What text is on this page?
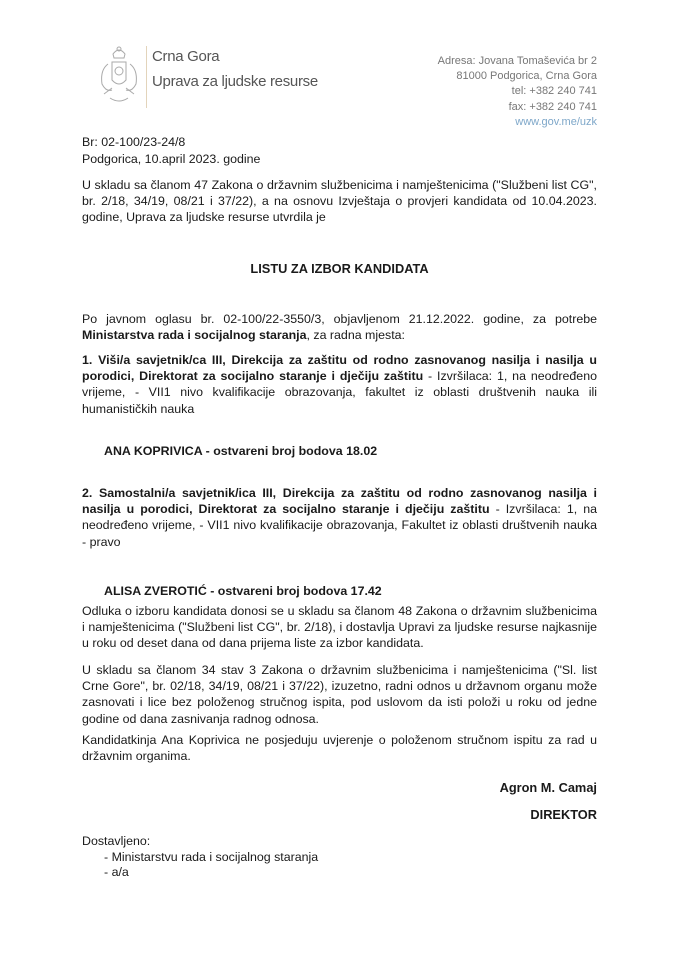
Crna Gora
Uprava za ljudske resurse
Adresa: Jovana Tomaševića br 2
81000 Podgorica, Crna Gora
tel: +382 240 741
fax: +382 240 741
www.gov.me/uzk
Br: 02-100/23-24/8
Podgorica, 10.april 2023. godine
U skladu sa članom 47 Zakona o državnim službenicima i namještenicima ("Službeni list CG", br. 2/18, 34/19, 08/21 i 37/22), a na osnovu Izvještaja o provjeri kandidata od 10.04.2023. godine, Uprava za ljudske resurse utvrdila je
LISTU ZA IZBOR KANDIDATA
Po javnom oglasu br. 02-100/22-3550/3, objavljenom 21.12.2022. godine, za potrebe Ministarstva rada i socijalnog staranja, za radna mjesta:
1. Viši/a savjetnik/ca III, Direkcija za zaštitu od rodno zasnovanog nasilja i nasilja u porodici, Direktorat za socijalno staranje i dječiju zaštitu - Izvršilaca: 1, na neodređeno vrijeme, - VII1 nivo kvalifikacije obrazovanja, fakultet iz oblasti društvenih nauka ili humanističkih nauka
ANA KOPRIVICA - ostvareni broj bodova 18.02
2. Samostalni/a savjetnik/ica III, Direkcija za zaštitu od rodno zasnovanog nasilja i nasilja u porodici, Direktorat za socijalno staranje i dječiju zaštitu - Izvršilaca: 1, na neodređeno vrijeme, - VII1 nivo kvalifikacije obrazovanja, Fakultet iz oblasti društvenih nauka - pravo
ALISA ZVEROTIĆ - ostvareni broj bodova 17.42
Odluka o izboru kandidata donosi se u skladu sa članom 48 Zakona o državnim službenicima i namještenicima ("Službeni list CG", br. 2/18), i dostavlja Upravi za ljudske resurse najkasnije u roku od deset dana od dana prijema liste za izbor kandidata.
U skladu sa članom 34 stav 3 Zakona o državnim službenicima i namještenicima ("Sl. list Crne Gore", br. 02/18, 34/19, 08/21 i 37/22), izuzetno, radni odnos u državnom organu može zasnovati i lice bez položenog stručnog ispita, pod uslovom da isti položi u roku od jedne godine od dana zasnivanja radnog odnosa.
Kandidatkinja Ana Koprivica ne posjeduju uvjerenje o položenom stručnom ispitu za rad u državnim organima.
Agron M. Camaj
DIREKTOR
Dostavljeno:
- Ministarstvu rada i socijalnog staranja
- a/a
